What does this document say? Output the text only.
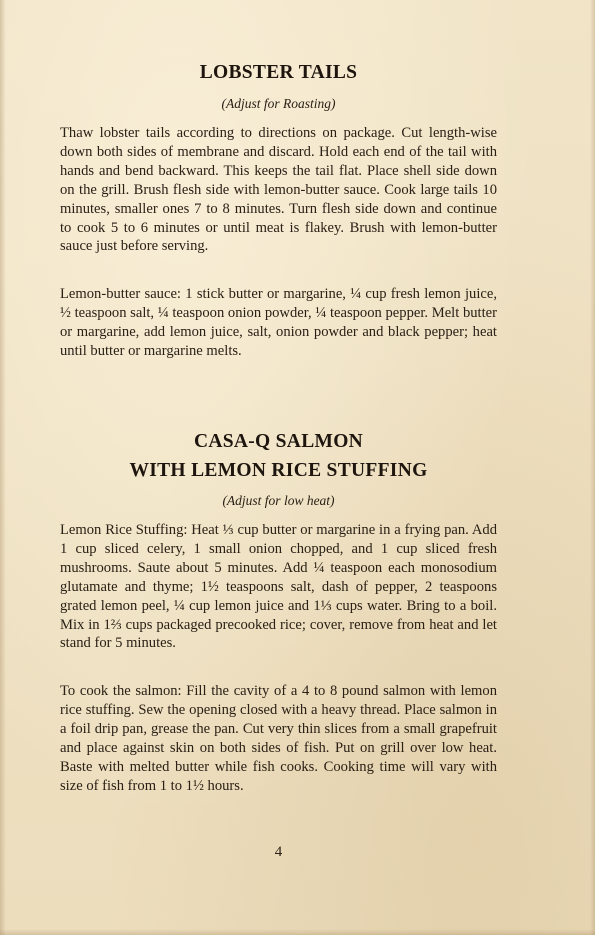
LOBSTER TAILS
(Adjust for Roasting)

Thaw lobster tails according to directions on package. Cut length-wise down both sides of membrane and discard. Hold each end of the tail with hands and bend backward. This keeps the tail flat. Place shell side down on the grill. Brush flesh side with lemon-butter sauce. Cook large tails 10 minutes, smaller ones 7 to 8 minutes. Turn flesh side down and continue to cook 5 to 6 minutes or until meat is flakey. Brush with lemon-butter sauce just before serving.

Lemon-butter sauce: 1 stick butter or margarine, ¼ cup fresh lemon juice, ½ teaspoon salt, ¼ teaspoon onion powder, ¼ teaspoon pepper. Melt butter or margarine, add lemon juice, salt, onion powder and black pepper; heat until butter or margarine melts.

CASA-Q SALMON
WITH LEMON RICE STUFFING
(Adjust for low heat)

Lemon Rice Stuffing: Heat ⅓ cup butter or margarine in a frying pan. Add 1 cup sliced celery, 1 small onion chopped, and 1 cup sliced fresh mushrooms. Saute about 5 minutes. Add ¼ teaspoon each monosodium glutamate and thyme; 1½ teaspoons salt, dash of pepper, 2 teaspoons grated lemon peel, ¼ cup lemon juice and 1⅓ cups water. Bring to a boil. Mix in 1⅔ cups packaged precooked rice; cover, remove from heat and let stand for 5 minutes.

To cook the salmon: Fill the cavity of a 4 to 8 pound salmon with lemon rice stuffing. Sew the opening closed with a heavy thread. Place salmon in a foil drip pan, grease the pan. Cut very thin slices from a small grapefruit and place against skin on both sides of fish. Put on grill over low heat. Baste with melted butter while fish cooks. Cooking time will vary with size of fish from 1 to 1½ hours.

4
